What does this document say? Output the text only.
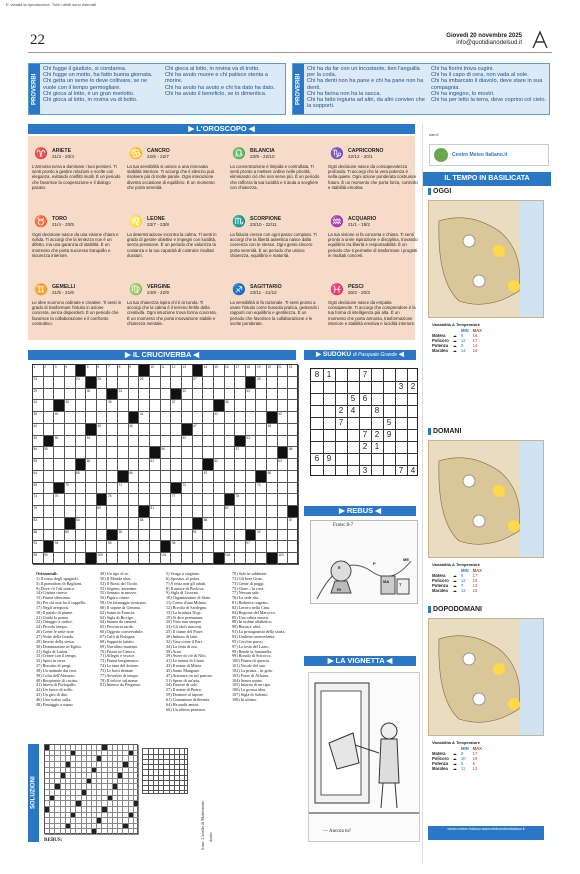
E' vietata la riproduzione. Tutti i diritti sono riservati
22	Giovedì 20 novembre 2025
info@quotidianodelsud.it
PROVERBI
Chi fugge il giudizio, si condanna.
Chi fugge un motto, ha fatto buona giornata.
Chi getta un seme lo deve coltivare, se ne vuole con il tempo germogliare.
Chi gioca al lotto, è un gran merlotto.
Chi gioca al lotto, in rovina va di botto.
Chi gioca al lotto, in rovina va di trotto.
Chi ha avuto muore e chi patisce stenta a morire.
Chi ha avuto ha avuto e chi ha dato ha dato.
Chi ha avuto il beneficio, se lo dimentica.	PROVERBI
Chi ha da far con un incostante, tien l'anguilla per la coda.
Chi ha denti non ha pane e chi ha pane non ha denti.
Chi ha farina non ha la sacca.
Chi ha fatto ingiuria ad altri, da altri convien che la sopporti.
Chi ha fiorini trova cugini.
Chi ha il capo di cera, non vada al sole.
Chi ha imbarcato il diavolo, deve stare in sua compagnia.
Chi ha ingegno, lo mostri.
Chi ha per letto la terra, deve coprirsi col cielo.
▶ L'OROSCOPO ◀
♈ ARIETE
21/3 - 20/4
L'armonia torna a dominare i tuoi pensieri. Ti senti pronto a gestire relazioni e scelte con eleganza, evitando conflitti inutili. È un periodo che favorisce la cooperazione e il dialogo pacato.
♋ CANCRO
22/6 - 22/7
La tua sensibilità si unisce a una rinnovata stabilità interiore. Ti accorgi che il silenzio può risolvere più di molte parole. Ogni interazione diventa occasione di equilibrio. È un momento che porta serenità.
♎ BILANCIA
23/9 - 22/10
La concentrazione è limpida e controllata. Ti senti pronto a mettere ordine nelle priorità, eliminando ciò che non serve più. È un periodo che rafforza la tua lucidità e ti aiuta a scegliere con chiarezza.
♑ CAPRICORNO
22/12 - 20/1
Ogni decisione nasce da consapevolezza profonda. Ti accorgi che la vera potenza è nella quiete. Ogni azione ponderata costruisce futuro. È un momento che porta forza, controllo e stabilità emotiva.
♉ TORO
21/4 - 20/5
Ogni decisione nasce da una visione chiara e solida. Ti accorgi che la lentezza non è un difetto, ma una garanzia di stabilità. È un momento che porta successo tranquillo e sicurezza interiore.
♌ LEONE
23/7 - 23/8
La determinazione incontra la calma. Ti senti in grado di gestire obiettivi e impegni con lucidità, senza pressione. È un periodo che valorizza la costanza e la tua capacità di costruire risultati duraturi.
♏ SCORPIONE
23/10 - 22/11
La fiducia cresce con ogni passo compiuto. Ti accorgi che la libertà autentica nasce dalla coerenza con te stesso. Ogni gesto sincero porta serenità. È un periodo che unisce chiarezza, equilibrio e maturità.
♒ ACQUARIO
21/1 - 19/2
La tua visione si fa concreta e chiara. Ti senti pronto a unire ispirazione e disciplina, trovando equilibrio tra libertà e responsabilità. È un periodo che ti permette di trasformare i progetti in risultati concreti.
♊ GEMELLI
21/5 - 21/6
Le idee scorrono ordinate e creative. Ti senti in grado di trasformare l'intuito in azione concreta, senza disperderti. È un periodo che favorisce la collaborazione e il confronto costruttivo.
♍ VERGINE
24/8 - 22/9
La tua chiarezza ispira chi ti circonda. Ti accorgi che la calma è il terreno fertile della creatività. Ogni intuizione trova forma concreta. È un momento che porta innovazione stabile e chiarezza mentale.
♐ SAGITTARIO
23/11 - 21/12
La sensibilità si fa razionale. Ti senti pronto a usare l'intuito come bussola pratica, gestendo i rapporti con equilibrio e gentilezza. È un periodo che favorisce la collaborazione e le scelte ponderate.
♓ PESCI
20/2 - 20/3
Ogni decisione nasce da empatia consapevole. Ti accorgi che comprendere è la tua forma di intelligenza più alta. È un momento che porta armonia, trasformazione interiore e stabilità emotiva e lucidità interiore.
con il
Centro Meteo Italiano.it
IL TEMPO IN BASILICATA
OGGI
Variabilità & Temperature
		MIN	MAX
Matera	☁	9	16
Policoro	☁	12	17
Potenza	☁	8	14
Maratea	☁	14	16
DOMANI
Variabilità & Temperature
		MIN	MAX
Matera	☁	9	17
Policoro	☁	12	18
Potenza	☁	7	13
Maratea	☁	12	15
DOPODOMANI
Variabilità & Temperature
		MIN	MAX
Matera	☁	8	17
Policoro	☁	10	19
Potenza	☁	5	6
Maratea	☁	11	13
centro meteo italiano www.centrometeoitaliano.it
▶ IL CRUCIVERBA ◀
1	2	3	4	5	6	7	8	9	10 11 12 13	14 15 16 17 18 19 20 21 22
23	24	25	26	27	28
29	30	31	32	33
34	35	36	37	38
39	40	41	42	43
44	45	46	47	48
49	50	51	52	53
54 55	56	57	58
59	60	61	62	63
64	65	66	67	68
69	70	71	72	73
74	75	76	77	78
79	80	81	82
83	84	85	86	87
88	89	90	91	92
93	94	95	96	97
98 99	100	101	102	103
Orizzontali:
1) Il rosso degli spagnoli.
5) Il pomodoro di Baglioni.
9) Dove c'è l'alt stanco.
14) Cintura cinese.
15) Fiume siberiano.
16) Per chi non ha il cappello.
17) Negli aeroporti.
18) Il petalo di piume.
21) Guida la prima.
22) Ortaggio a radice.
24) Piccolo tempo.
26) Come le sette note
27) Notte della fionda.
29) Insetto della siesta.
30) Dominazione in Egitto.
31) Sigla di Latina.
33) Creare con il tempo.
35) Sposi in terra.
37) Riscatto di pregi.
38) Un animale dai reni.
39) Colui dell'Abruzzo.
40) Recipiente di cucina.
41) Intesa di Portogallo.
42) Un fuoco di zolfo.
43) Un giro di dito.
46) Uno scalzo sulla.
48) Passaggio a mano.
49) Un tipo di re.
50) Il Monda uber.
52) Il Rossi del Tirolo.
53) Segreto, anonimo.
55) Sensato in mezzo.
56) Figura cinese.
58) Un formaggio nostrano.
60) Il sapore di Gemma.
62) Santo in Francia.
63) Sigla di Rovigo.
64) Stanza da camera.
65) Provincia sarda.
66) Oggetto conservabile.
67) Calli di Bologna.
68) Supporto lattato.
69) Nuvolino materno.
70) Frutto su Cancro.
71) Allegro e vivace.
73) Fiume bergamasco.
74) La tana del dottore.
75) Le botti dentate.
77) Avverbio di tempo.
79) Il veloce sul nome.
81) Intenso da Pergamo.
5) Svago a stagione.
6) Sposata, al poker.
7) A festa non gli adatti.
8) Il autore di Pavlova.
9) Sigla di Livorno.
10) Organizzatore di Stato.
11) Conto d'una Milano.
12) Rivolta di Sardegna.
13) La bruttura Ncgt.
19) Si dice prematura.
20) Vino non sempre.
23) Gli idoli nascosti.
25) Il fiume del Piave.
28) Imbuto di latte.
32) Vase come il Pari.
34) La festa di noi.
36) Arno.
39) Avere di ciò di Nilo.
41) Le nonne di Giano.
43) Il nome di Mirza.
45) Santo Mangone.
47) Atterrare on sul pastore.
51) Spese di un'aria.
54) Pastore di sole.
57) Il nome di Pietro.
59) Dormire al sapore.
61) Comunione differente.
64) Ha molti amori.
66) Un ultimo pensiero.
70) Sole in sabbione.
72) Gli bere Gran.
73) Gente di poggi.
75) Otare... la roca.
77) Nessun sale.
76) La sede rito.
81) Bisbetico sagrato.
82) Lavoro nella Cina.
84) Regione del Marocco.
85) Una orbita nuova.
88) In ordine alfabetico.
90) Ruota e ulivi.
91) La protagonista della storia.
93) Umberto antecedente.
95) Cerchio porco.
97) La testa del Lazio.
98) Rende la fontanella.
99) Ronalo di Scirocco.
100) Fiume di quercia.
101) Vocale del suo.
102) La prima... in gola.
103) Forse di Affrana.
104) Senza sonno.
105) Interno di un tipo.
106) La grossa idea.
107) Sigla di Salerno.
108) In ultimo.
▶ SUDOKU di Pasquale Grande ◀
8 1	7
3 2
5 6
2 4	8
7	5
7 2 9
2 1
6 9
3	7 4
▶ REBUS ◀
Frase: 8-7
E
P
MA
T
RI
ME
▶ LA VIGNETTA ◀
— Ancora tu?
SOLUZIONI
REBUS:	frase: L'anello di Matrimonio danio:
